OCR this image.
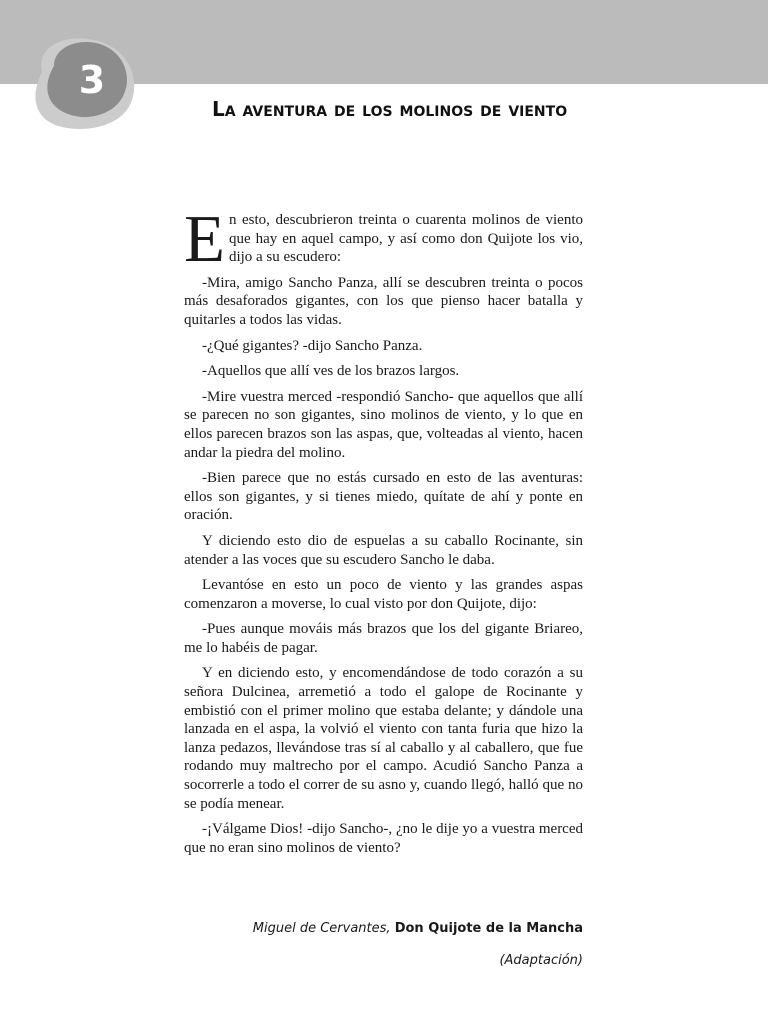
3
La aventura de los molinos de viento

En esto, descubrieron treinta o cuarenta molinos de viento que hay en aquel campo, y así como don Quijote los vio, dijo a su escudero:

-Mira, amigo Sancho Panza, allí se descubren treinta o pocos más desaforados gigantes, con los que pienso hacer batalla y quitarles a todos las vidas.

-¿Qué gigantes? -dijo Sancho Panza.

-Aquellos que allí ves de los brazos largos.

-Mire vuestra merced -respondió Sancho- que aquellos que allí se parecen no son gigantes, sino molinos de viento, y lo que en ellos parecen brazos son las aspas, que, volteadas al viento, hacen andar la piedra del molino.

-Bien parece que no estás cursado en esto de las aventuras: ellos son gigantes, y si tienes miedo, quítate de ahí y ponte en oración.

Y diciendo esto dio de espuelas a su caballo Rocinante, sin atender a las voces que su escudero Sancho le daba.

Levantóse en esto un poco de viento y las grandes aspas comenzaron a moverse, lo cual visto por don Quijote, dijo:

-Pues aunque mováis más brazos que los del gigante Briareo, me lo habéis de pagar.

Y en diciendo esto, y encomendándose de todo corazón a su señora Dulcinea, arremetió a todo el galope de Rocinante y embistió con el primer molino que estaba delante; y dándole una lanzada en el aspa, la volvió el viento con tanta furia que hizo la lanza pedazos, llevándose tras sí al caballo y al caballero, que fue rodando muy maltrecho por el campo. Acudió Sancho Panza a socorrerle a todo el correr de su asno y, cuando llegó, halló que no se podía menear.

-¡Válgame Dios! -dijo Sancho-, ¿no le dije yo a vuestra merced que no eran sino molinos de viento?

Miguel de Cervantes, Don Quijote de la Mancha
(Adaptación)
